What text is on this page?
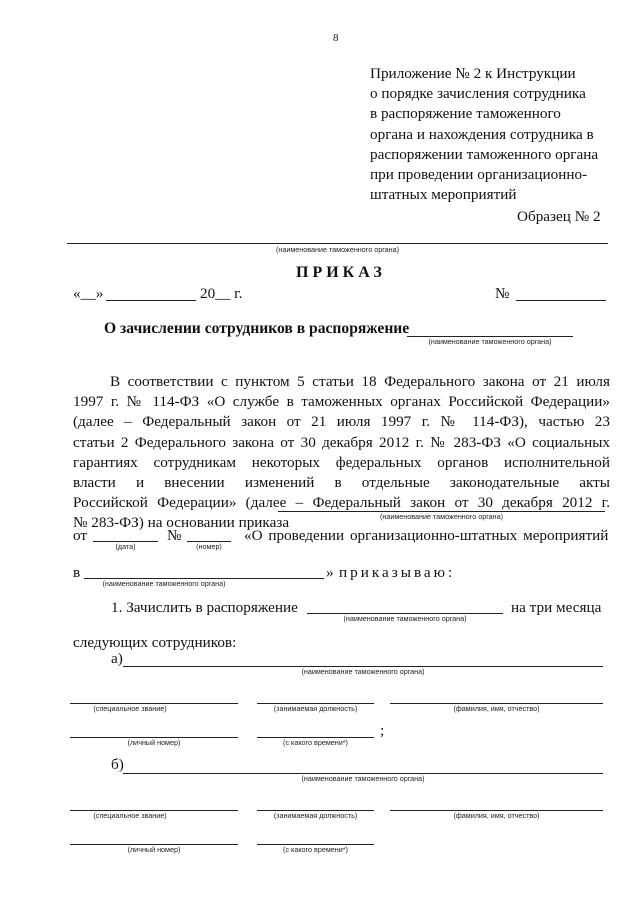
8
Приложение № 2 к Инструкции
о порядке зачисления сотрудника
в распоряжение таможенного
органа и нахождения сотрудника в
распоряжении таможенного органа
при проведении организационно-
штатных мероприятий
Образец № 2
(наименование таможенного органа)
ПРИКАЗ
«__»	20__ г.	№
О зачислении сотрудников в распоряжение
(наименование таможенного органа)
В соответствии с пунктом 5 статьи 18 Федерального закона от 21 июля
1997 г. № 114-ФЗ «О службе в таможенных органах Российской Федерации»
(далее – Федеральный закон от 21 июля 1997 г. № 114-ФЗ), частью 23
статьи 2 Федерального закона от 30 декабря 2012 г. № 283-ФЗ «О социальных
гарантиях сотрудникам некоторых федеральных органов исполнительной
власти и внесении изменений в отдельные законодательные акты
Российской Федерации» (далее – Федеральный закон от 30 декабря 2012 г.
№ 283-ФЗ) на основании приказа	(наименование таможенного органа)
от
(дата)
№
(номер)
«О проведении организационно-штатных мероприятий
в
(наименование таможенного органа)
» приказываю:
1. Зачислить в распоряжение
(наименование таможенного органа)
на три месяца
следующих сотрудников:
а)
(наименование таможенного органа)
(специальное звание)	(занимаемая должность)	(фамилия, имя, отчество)
(личный номер)	(с какого времени*)
;
б)
(наименование таможенного органа)
(специальное звание)	(занимаемая должность)	(фамилия, имя, отчество)
(личный номер)	(с какого времени*)
